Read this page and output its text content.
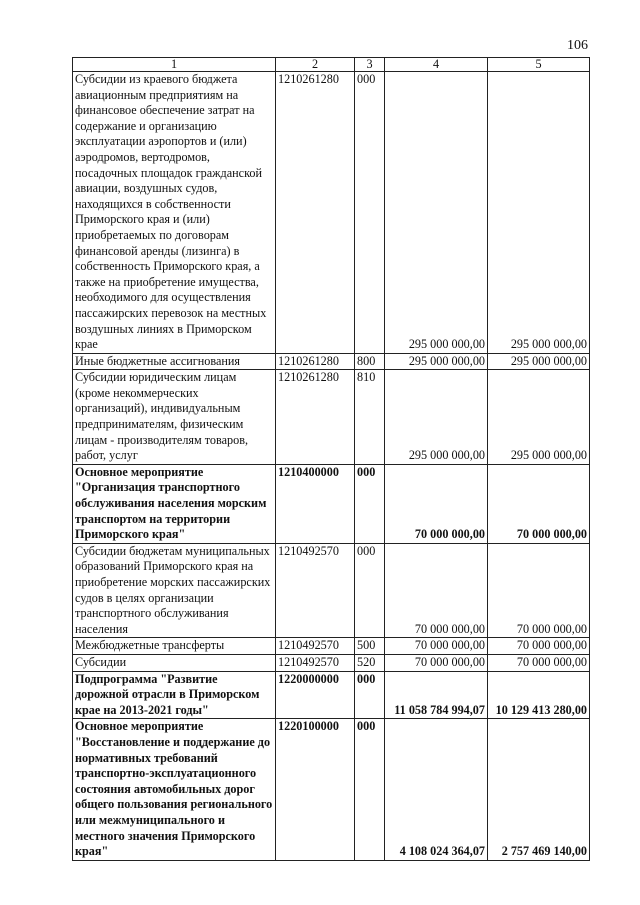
106
1	2	3	4	5
Субсидии из краевого бюджета авиационным предприятиям на финансовое обеспечение затрат на содержание и организацию эксплуатации аэропортов и (или) аэродромов, вертодромов, посадочных площадок гражданской авиации, воздушных судов, находящихся в собственности Приморского края и (или) приобретаемых по договорам финансовой аренды (лизинга) в собственность Приморского края, а также на приобретение имущества, необходимого для осуществления пассажирских перевозок на местных воздушных линиях в Приморском крае	1210261280	000	295 000 000,00	295 000 000,00
Иные бюджетные ассигнования	1210261280	800	295 000 000,00	295 000 000,00
Субсидии юридическим лицам (кроме некоммерческих организаций), индивидуальным предпринимателям, физическим лицам - производителям товаров, работ, услуг	1210261280	810	295 000 000,00	295 000 000,00
Основное мероприятие "Организация транспортного обслуживания населения морским транспортом на территории Приморского края"	1210400000	000	70 000 000,00	70 000 000,00
Субсидии бюджетам муниципальных образований Приморского края на приобретение морских пассажирских судов в целях организации транспортного обслуживания населения	1210492570	000	70 000 000,00	70 000 000,00
Межбюджетные трансферты	1210492570	500	70 000 000,00	70 000 000,00
Субсидии	1210492570	520	70 000 000,00	70 000 000,00
Подпрограмма "Развитие дорожной отрасли в Приморском крае на 2013-2021 годы"	1220000000	000	11 058 784 994,07	10 129 413 280,00
Основное мероприятие "Восстановление и поддержание до нормативных требований транспортно-эксплуатационного состояния автомобильных дорог общего пользования регионального или межмуниципального и местного значения Приморского края"	1220100000	000	4 108 024 364,07	2 757 469 140,00
